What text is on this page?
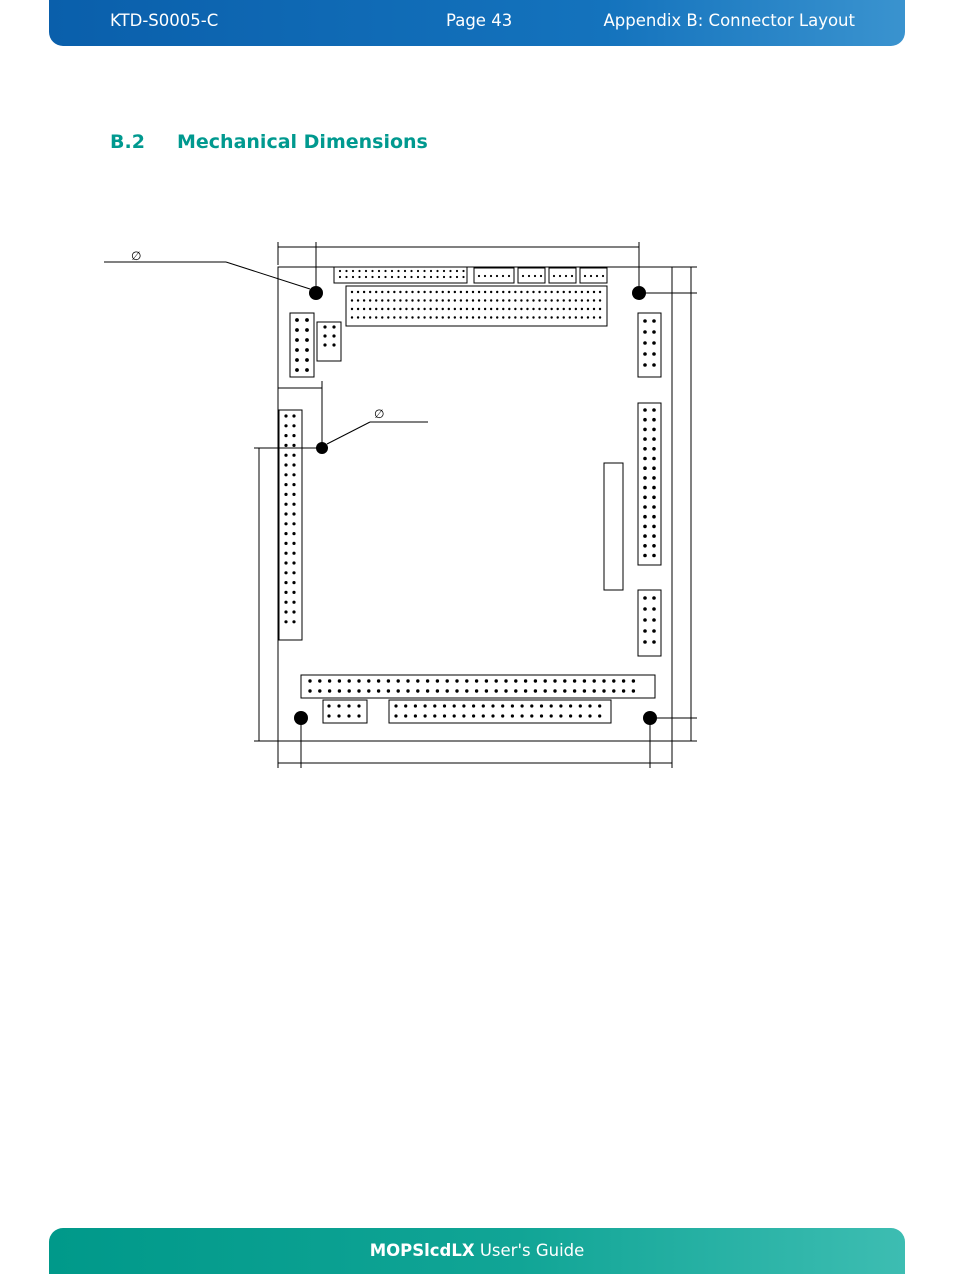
KTD-S0005-C	Page 43	Appendix B: Connector Layout
B.2 Mechanical Dimensions
∅
∅
MOPSlcdLX User's Guide
